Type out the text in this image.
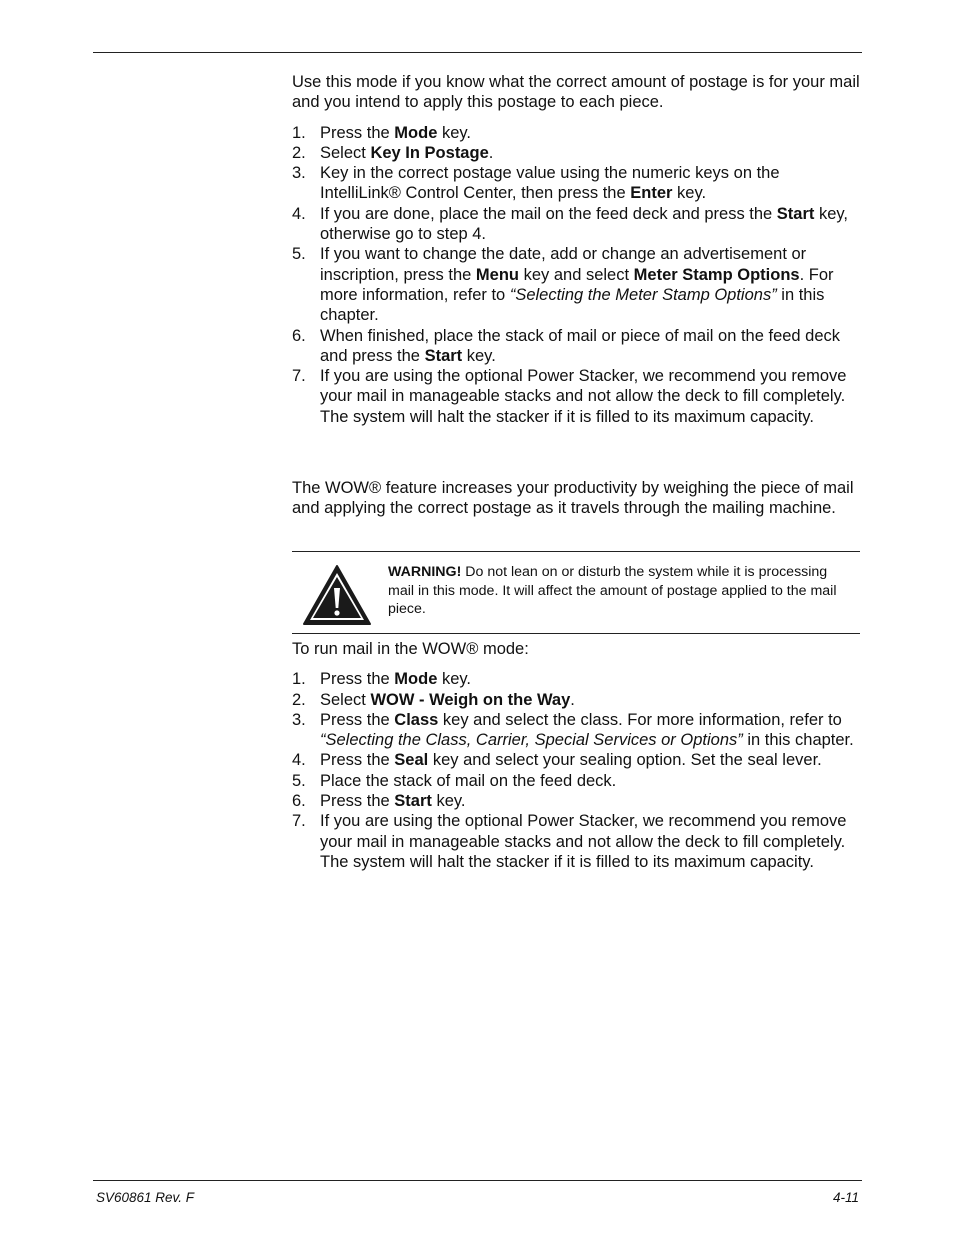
Use this mode if you know what the correct amount of postage is for your mail and you intend to apply this postage to each piece.

1. Press the Mode key.
2. Select Key In Postage.
3. Key in the correct postage value using the numeric keys on the IntelliLink® Control Center, then press the Enter key.
4. If you are done, place the mail on the feed deck and press the Start key, otherwise go to step 4.
5. If you want to change the date, add or change an advertisement or inscription, press the Menu key and select Meter Stamp Options. For more information, refer to “Selecting the Meter Stamp Options” in this chapter.
6. When finished, place the stack of mail or piece of mail on the feed deck and press the Start key.
7. If you are using the optional Power Stacker, we recommend you remove your mail in manageable stacks and not allow the deck to fill completely. The system will halt the stacker if it is filled to its maximum capacity.

The WOW® feature increases your productivity by weighing the piece of mail and applying the correct postage as it travels through the mailing machine.

WARNING! Do not lean on or disturb the system while it is processing mail in this mode. It will affect the amount of postage applied to the mail piece.

To run mail in the WOW® mode:

1. Press the Mode key.
2. Select WOW - Weigh on the Way.
3. Press the Class key and select the class. For more information, refer to “Selecting the Class, Carrier, Special Services or Options” in this chapter.
4. Press the Seal key and select your sealing option. Set the seal lever.
5. Place the stack of mail on the feed deck.
6. Press the Start key.
7. If you are using the optional Power Stacker, we recommend you remove your mail in manageable stacks and not allow the deck to fill completely. The system will halt the stacker if it is filled to its maximum capacity.
SV60861 Rev. F	4-11
